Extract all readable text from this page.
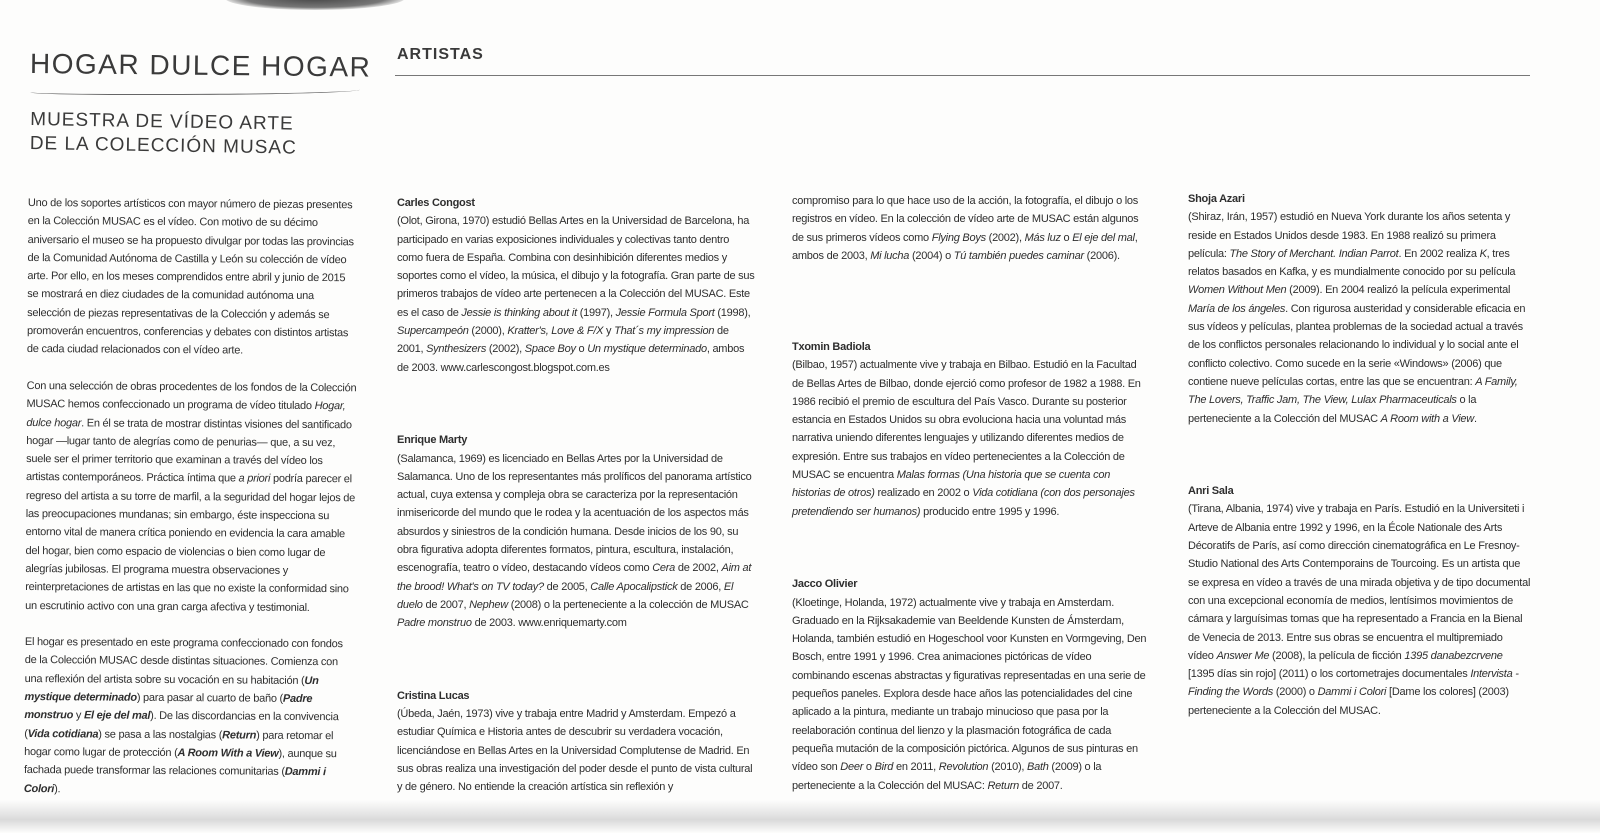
HOGAR DULCE HOGAR ARTISTAS
MUESTRA DE VÍDEO ARTE
DE LA COLECCIÓN MUSAC

Uno de los soportes artísticos con mayor número de piezas presentes en la Colección MUSAC es el vídeo. Con motivo de su décimo aniversario el museo se ha propuesto divulgar por todas las provincias de la Comunidad Autónoma de Castilla y León su colección de vídeo arte. Por ello, en los meses comprendidos entre abril y junio de 2015 se mostrará en diez ciudades de la comunidad autónoma una selección de piezas representativas de la Colección y además se promoverán encuentros, conferencias y debates con distintos artistas de cada ciudad relacionados con el vídeo arte.

Con una selección de obras procedentes de los fondos de la Colección MUSAC hemos confeccionado un programa de vídeo titulado Hogar, dulce hogar. En él se trata de mostrar distintas visiones del santificado hogar —lugar tanto de alegrías como de penurias— que, a su vez, suele ser el primer territorio que examinan a través del vídeo los artistas contemporáneos. Práctica íntima que a priori podría parecer el regreso del artista a su torre de marfil, a la seguridad del hogar lejos de las preocupaciones mundanas; sin embargo, éste inspecciona su entorno vital de manera crítica poniendo en evidencia la cara amable del hogar, bien como espacio de violencias o bien como lugar de alegrías jubilosas. El programa muestra observaciones y reinterpretaciones de artistas en las que no existe la conformidad sino un escrutinio activo con una gran carga afectiva y testimonial.

El hogar es presentado en este programa confeccionado con fondos de la Colección MUSAC desde distintas situaciones. Comienza con una reflexión del artista sobre su vocación en su habitación (Un mystique determinado) para pasar al cuarto de baño (Padre monstruo y El eje del mal). De las discordancias en la convivencia (Vida cotidiana) se pasa a las nostalgias (Return) para retomar el hogar como lugar de protección (A Room With a View), aunque su fachada puede transformar las relaciones comunitarias (Dammi i Colori).

Carles Congost
(Olot, Girona, 1970) estudió Bellas Artes en la Universidad de Barcelona, ha participado en varias exposiciones individuales y colectivas tanto dentro como fuera de España. Combina con desinhibición diferentes medios y soportes como el vídeo, la música, el dibujo y la fotografía. Gran parte de sus primeros trabajos de vídeo arte pertenecen a la Colección del MUSAC. Este es el caso de Jessie is thinking about it (1997), Jessie Formula Sport (1998), Supercampeón (2000), Kratter's, Love & F/X y That´s my impression de 2001, Synthesizers (2002), Space Boy o Un mystique determinado, ambos de 2003. www.carlescongost.blogspot.com.es

Enrique Marty
(Salamanca, 1969) es licenciado en Bellas Artes por la Universidad de Salamanca. Uno de los representantes más prolíficos del panorama artístico actual, cuya extensa y compleja obra se caracteriza por la representación inmisericorde del mundo que le rodea y la acentuación de los aspectos más absurdos y siniestros de la condición humana. Desde inicios de los 90, su obra figurativa adopta diferentes formatos, pintura, escultura, instalación, escenografía, teatro o vídeo, destacando vídeos como Cera de 2002, Aim at the brood! What's on TV today? de 2005, Calle Apocalipstick de 2006, El duelo de 2007, Nephew (2008) o la perteneciente a la colección de MUSAC Padre monstruo de 2003. www.enriquemarty.com

Cristina Lucas
(Úbeda, Jaén, 1973) vive y trabaja entre Madrid y Amsterdam. Empezó a estudiar Química e Historia antes de descubrir su verdadera vocación, licenciándose en Bellas Artes en la Universidad Complutense de Madrid. En sus obras realiza una investigación del poder desde el punto de vista cultural y de género. No entiende la creación artística sin reflexión y

compromiso para lo que hace uso de la acción, la fotografía, el dibujo o los registros en vídeo. En la colección de vídeo arte de MUSAC están algunos de sus primeros vídeos como Flying Boys (2002), Más luz o El eje del mal, ambos de 2003, Mi lucha (2004) o Tú también puedes caminar (2006).

Txomin Badiola
(Bilbao, 1957) actualmente vive y trabaja en Bilbao. Estudió en la Facultad de Bellas Artes de Bilbao, donde ejerció como profesor de 1982 a 1988. En 1986 recibió el premio de escultura del País Vasco. Durante su posterior estancia en Estados Unidos su obra evoluciona hacia una voluntad más narrativa uniendo diferentes lenguajes y utilizando diferentes medios de expresión. Entre sus trabajos en vídeo pertenecientes a la Colección de MUSAC se encuentra Malas formas (Una historia que se cuenta con historias de otros) realizado en 2002 o Vida cotidiana (con dos personajes pretendiendo ser humanos) producido entre 1995 y 1996.

Jacco Olivier
(Kloetinge, Holanda, 1972) actualmente vive y trabaja en Amsterdam. Graduado en la Rijksakademie van Beeldende Kunsten de Ámsterdam, Holanda, también estudió en Hogeschool voor Kunsten en Vormgeving, Den Bosch, entre 1991 y 1996. Crea animaciones pictóricas de vídeo combinando escenas abstractas y figurativas representadas en una serie de pequeños paneles. Explora desde hace años las potencialidades del cine aplicado a la pintura, mediante un trabajo minucioso que pasa por la reelaboración continua del lienzo y la plasmación fotográfica de cada pequeña mutación de la composición pictórica. Algunos de sus pinturas en vídeo son Deer o Bird en 2011, Revolution (2010), Bath (2009) o la perteneciente a la Colección del MUSAC: Return de 2007.

Shoja Azari
(Shiraz, Irán, 1957) estudió en Nueva York durante los años setenta y reside en Estados Unidos desde 1983. En 1988 realizó su primera película: The Story of Merchant. Indian Parrot. En 2002 realiza K, tres relatos basados en Kafka, y es mundialmente conocido por su película Women Without Men (2009). En 2004 realizó la película experimental María de los ángeles. Con rigurosa austeridad y considerable eficacia en sus vídeos y películas, plantea problemas de la sociedad actual a través de los conflictos personales relacionando lo individual y lo social ante el conflicto colectivo. Como sucede en la serie «Windows» (2006) que contiene nueve películas cortas, entre las que se encuentran: A Family, The Lovers, Traffic Jam, The View, Lulax Pharmaceuticals o la perteneciente a la Colección del MUSAC A Room with a View.

Anri Sala
(Tirana, Albania, 1974) vive y trabaja en París. Estudió en la Universiteti i Arteve de Albania entre 1992 y 1996, en la École Nationale des Arts Décoratifs de París, así como dirección cinematográfica en Le Fresnoy-Studio National des Arts Contemporains de Tourcoing. Es un artista que se expresa en vídeo a través de una mirada objetiva y de tipo documental con una excepcional economía de medios, lentísimos movimientos de cámara y larguísimas tomas que ha representado a Francia en la Bienal de Venecia de 2013. Entre sus obras se encuentra el multipremiado vídeo Answer Me (2008), la película de ficción 1395 danabezcrvene [1395 días sin rojo] (2011) o los cortometrajes documentales Intervista - Finding the Words (2000) o Dammi i Colori [Dame los colores] (2003) perteneciente a la Colección del MUSAC.
